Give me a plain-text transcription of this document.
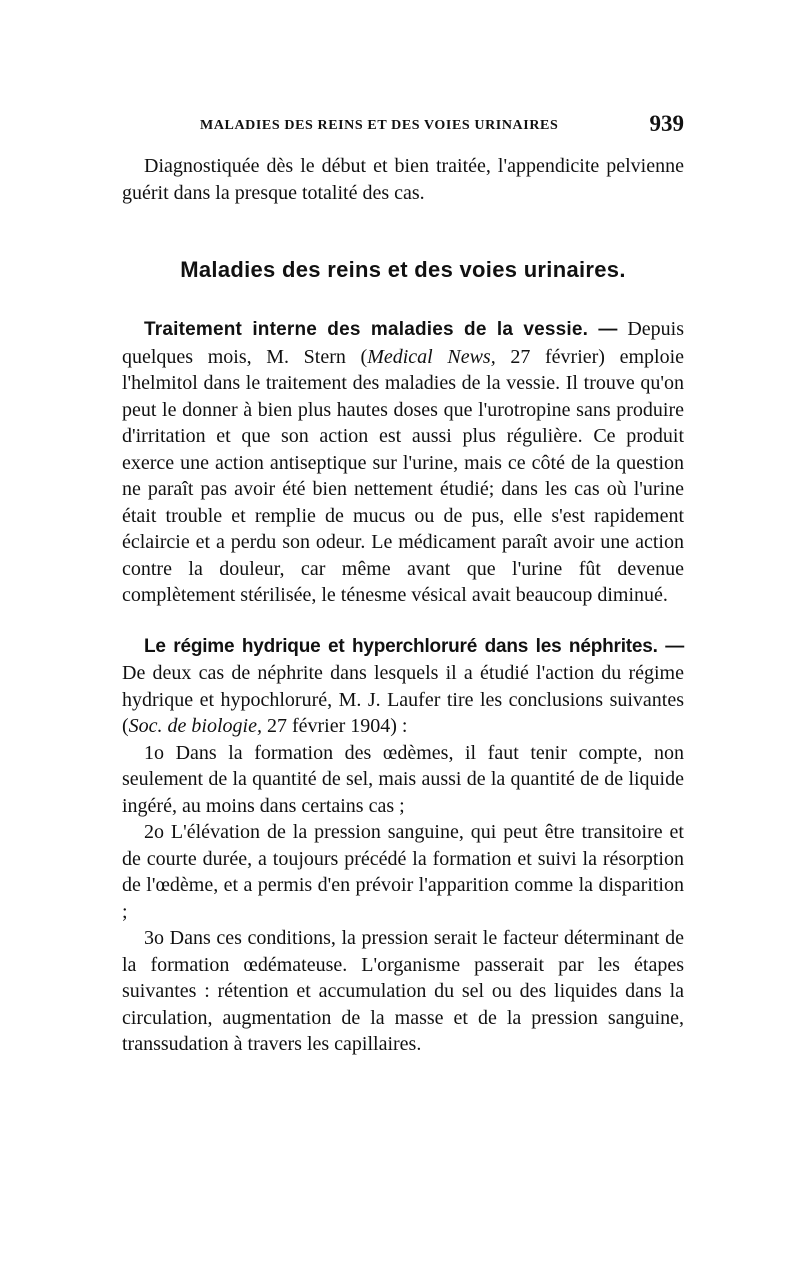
MALADIES DES REINS ET DES VOIES URINAIRES	939

Diagnostiquée dès le début et bien traitée, l'appendicite pelvienne guérit dans la presque totalité des cas.

Maladies des reins et des voies urinaires.

Traitement interne des maladies de la vessie. — Depuis quelques mois, M. Stern (Medical News, 27 février) emploie l'helmitol dans le traitement des maladies de la vessie. Il trouve qu'on peut le donner à bien plus hautes doses que l'urotropine sans produire d'irritation et que son action est aussi plus régulière. Ce produit exerce une action antiseptique sur l'urine, mais ce côté de la question ne paraît pas avoir été bien nettement étudié; dans les cas où l'urine était trouble et remplie de mucus ou de pus, elle s'est rapidement éclaircie et a perdu son odeur. Le médicament paraît avoir une action contre la douleur, car même avant que l'urine fût devenue complètement stérilisée, le ténesme vésical avait beaucoup diminué.

Le régime hydrique et hyperchloruré dans les néphrites. — De deux cas de néphrite dans lesquels il a étudié l'action du régime hydrique et hypochloruré, M. J. Laufer tire les conclusions suivantes (Soc. de biologie, 27 février 1904) :

1o Dans la formation des œdèmes, il faut tenir compte, non seulement de la quantité de sel, mais aussi de la quantité de de liquide ingéré, au moins dans certains cas ;

2o L'élévation de la pression sanguine, qui peut être transitoire et de courte durée, a toujours précédé la formation et suivi la résorption de l'œdème, et a permis d'en prévoir l'apparition comme la disparition ;

3o Dans ces conditions, la pression serait le facteur déterminant de la formation œdémateuse. L'organisme passerait par les étapes suivantes : rétention et accumulation du sel ou des liquides dans la circulation, augmentation de la masse et de la pression sanguine, transsudation à travers les capillaires.
